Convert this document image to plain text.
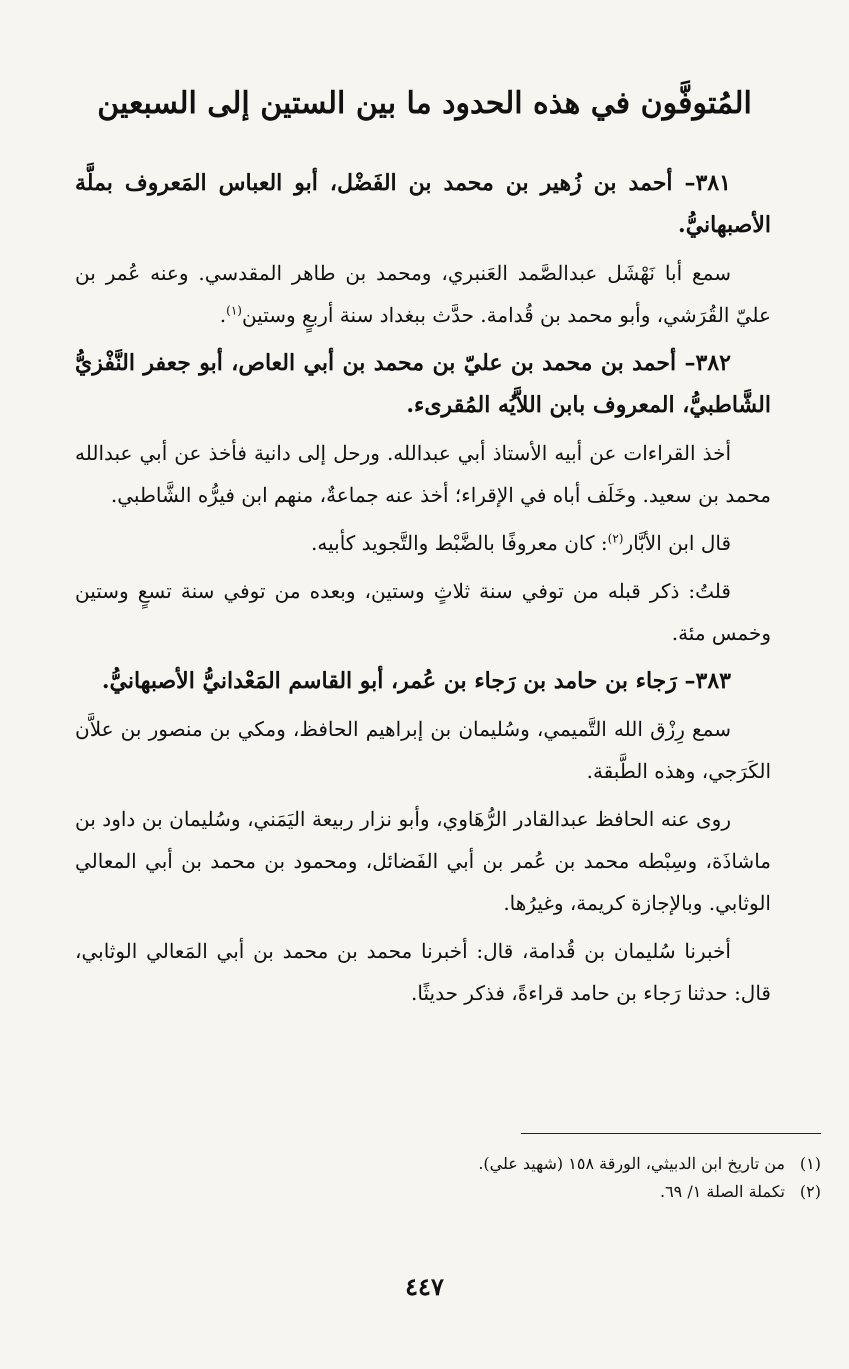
المُتوفَّون في هذه الحدود ما بين الستين إلى السبعين

٣٨١– أحمد بن زُهير بن محمد بن الفَضْل، أبو العباس المَعروف بملَّة الأصبهانيُّ.

سمع أبا نَهْشَل عبدالصَّمد العَنبري، ومحمد بن طاهر المقدسي. وعنه عُمر بن عليّ القُرَشي، وأبو محمد بن قُدامة. حدَّث ببغداد سنة أربعٍ وستين$^{(١)}$.

٣٨٢– أحمد بن محمد بن عليّ بن محمد بن أبي العاص، أبو جعفر النَّفْزيُّ الشَّاطبيُّ، المعروف بابن اللاَّيُه المُقرىء.

أخذ القراءات عن أبيه الأستاذ أبي عبدالله. ورحل إلى دانية فأخذ عن أبي عبدالله محمد بن سعيد. وخَلَف أباه في الإقراء؛ أخذ عنه جماعةٌ، منهم ابن فيرُّه الشَّاطبي.

قال ابن الأبَّار$^{(٢)}$: كان معروفًا بالضَّبْط والتَّجويد كأبيه.

قلتُ: ذكر قبله من توفي سنة ثلاثٍ وستين، وبعده من توفي سنة تسعٍ وستين وخمس مئة.

٣٨٣– رَجاء بن حامد بن رَجاء بن عُمر، أبو القاسم المَعْدانيُّ الأصبهانيُّ.

سمع رِزْق الله التَّميمي، وسُليمان بن إبراهيم الحافظ، ومكي بن منصور بن علاَّن الكَرَجي، وهذه الطَّبقة.

روى عنه الحافظ عبدالقادر الرُّهَاوي، وأبو نزار ربيعة اليَمَني، وسُليمان بن داود بن ماشاذَة، وسِبْطه محمد بن عُمر بن أبي الفَضائل، ومحمود بن محمد بن أبي المعالي الوثابي. وبالإجازة كريمة، وغيرُها.

أخبرنا سُليمان بن قُدامة، قال: أخبرنا محمد بن محمد بن أبي المَعالي الوثابي، قال: حدثنا رَجاء بن حامد قراءةً، فذكر حديثًا.

(١)من تاريخ ابن الدبيثي، الورقة ١٥٨ (شهيد علي).

(٢)تكملة الصلة ١/ ٦٩.

٤٤٧
